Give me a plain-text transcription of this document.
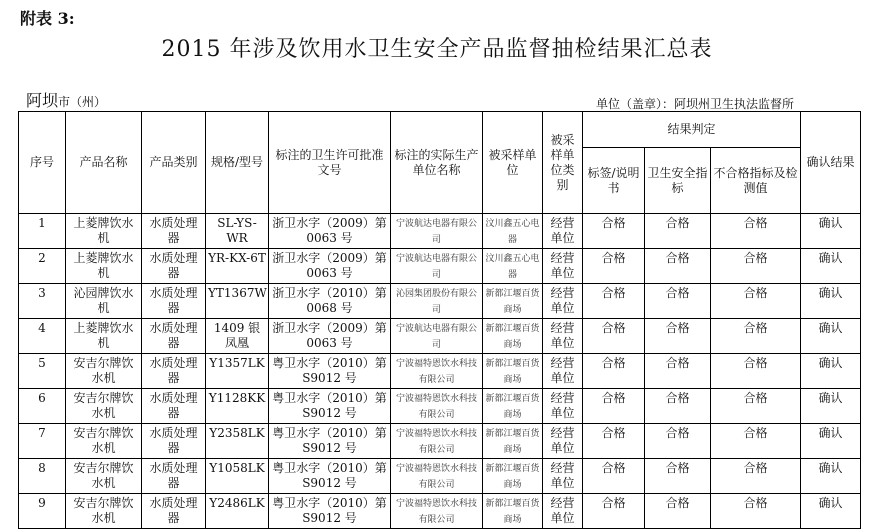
附表 3:
2015 年涉及饮用水卫生安全产品监督抽检结果汇总表
阿坝市（州）	单位（盖章）：阿坝州卫生执法监督所
序号	产品名称	产品类别	规格/型号	标注的卫生许可批准文号	标注的实际生产单位名称	被采样单位	被采样单位类别	结果判定			确认结果
								标签/说明书	卫生安全指标	不合格指标及检测值	
1	上菱牌饮水机	水质处理器	SL-YS-WR	浙卫水字（2009）第 0063 号	宁波航达电器有限公司	汶川鑫五心电器	经营单位	合格	合格	合格	确认
2	上菱牌饮水机	水质处理器	YR-KX-6T	浙卫水字（2009）第 0063 号	宁波航达电器有限公司	汶川鑫五心电器	经营单位	合格	合格	合格	确认
3	沁园牌饮水机	水质处理器	YT1367W	浙卫水字（2010）第 0068 号	沁园集团股份有限公司	新都江堰百货商场	经营单位	合格	合格	合格	确认
4	上菱牌饮水机	水质处理器	1409 银凤凰	浙卫水字（2009）第 0063 号	宁波航达电器有限公司	新都江堰百货商场	经营单位	合格	合格	合格	确认
5	安吉尔牌饮水机	水质处理器	Y1357LK	粤卫水字（2010）第 S9012 号	宁波福特恩饮水科技有限公司	新都江堰百货商场	经营单位	合格	合格	合格	确认
6	安吉尔牌饮水机	水质处理器	Y1128KK	粤卫水字（2010）第 S9012 号	宁波福特恩饮水科技有限公司	新都江堰百货商场	经营单位	合格	合格	合格	确认
7	安吉尔牌饮水机	水质处理器	Y2358LK	粤卫水字（2010）第 S9012 号	宁波福特恩饮水科技有限公司	新都江堰百货商场	经营单位	合格	合格	合格	确认
8	安吉尔牌饮水机	水质处理器	Y1058LK	粤卫水字（2010）第 S9012 号	宁波福特恩饮水科技有限公司	新都江堰百货商场	经营单位	合格	合格	合格	确认
9	安吉尔牌饮水机	水质处理器	Y2486LK	粤卫水字（2010）第 S9012 号	宁波福特恩饮水科技有限公司	新都江堰百货商场	经营单位	合格	合格	合格	确认
